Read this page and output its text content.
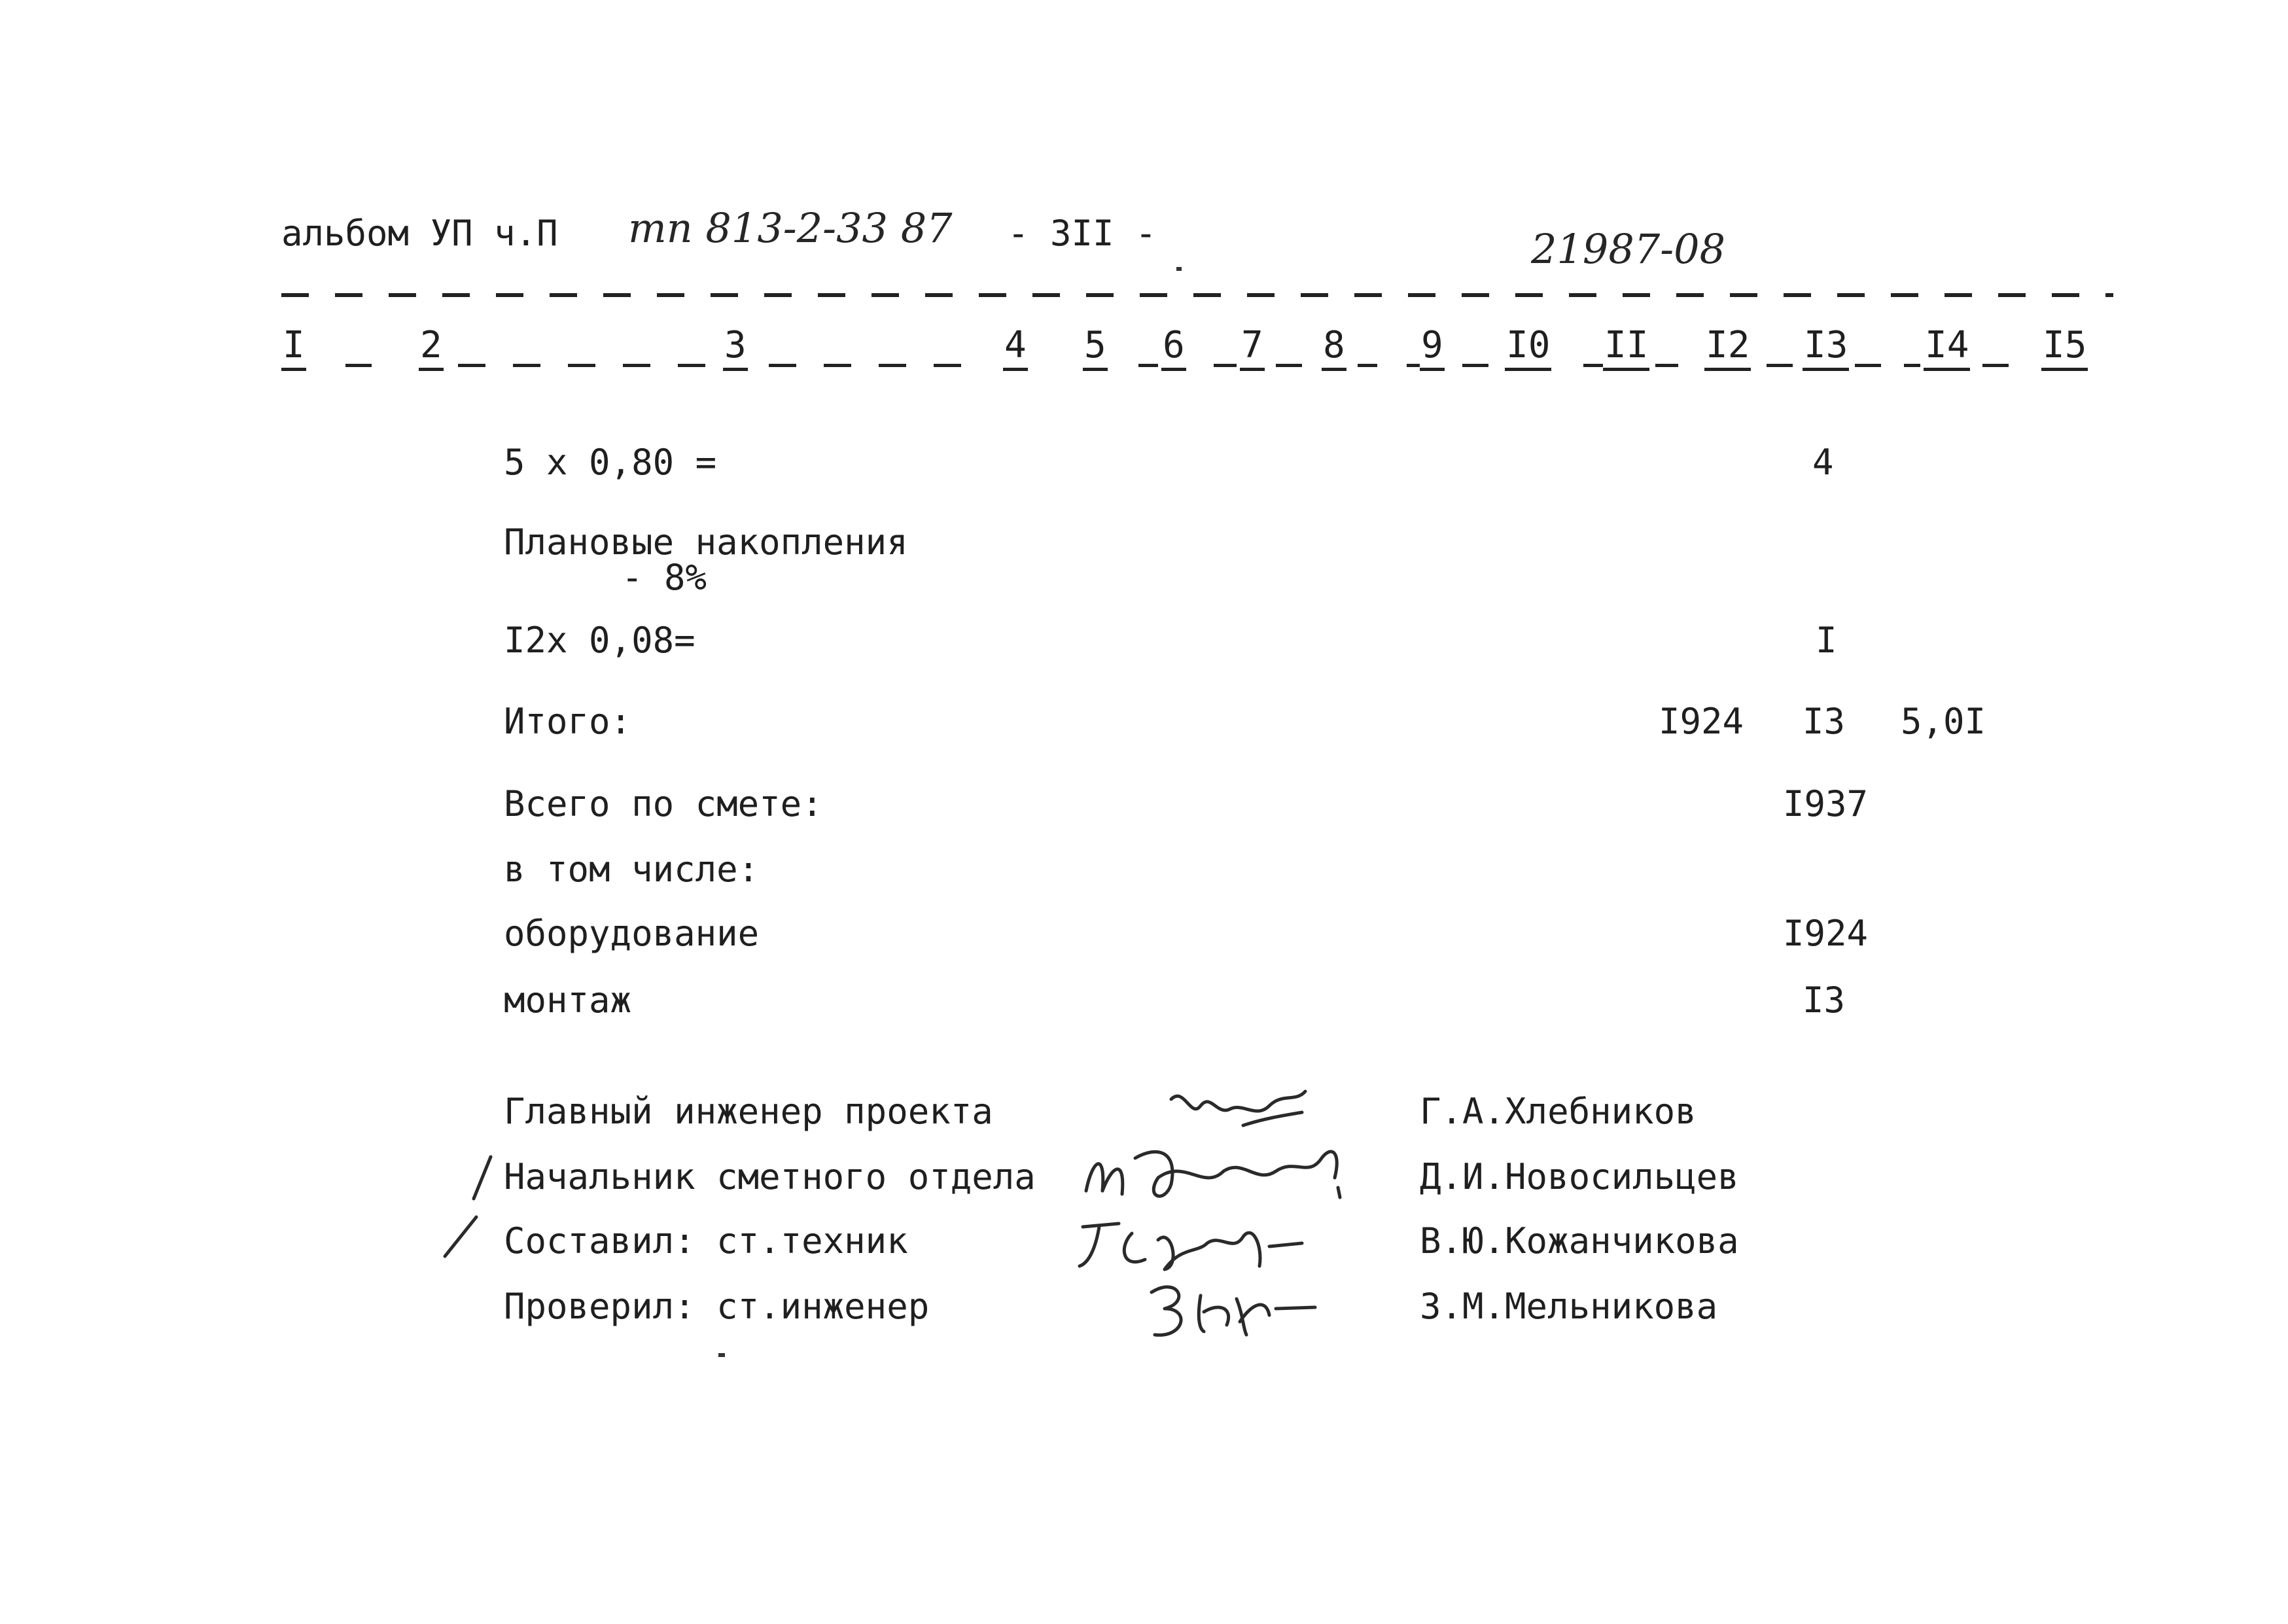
альбом УП ч.П тп 813-2-33 87 - 3II -	21987-08
I	2	3	4 5 6 7 8 9 I0 II I2 I3 I4 I5
5 х 0,80 =	4
Плановые накопления
- 8%
I2х 0,08=	I
Итого:	I924 I3 5,0I
Всего по смете:	I937
в том числе:
оборудование	I924
монтаж	I3
Главный инженер проекта	Г.А.Хлебников
Начальник сметного отдела	Д.И.Новосильцев
Составил: ст.техник	В.Ю.Кожанчикова
Проверил: ст.инженер	З.М.Мельникова
